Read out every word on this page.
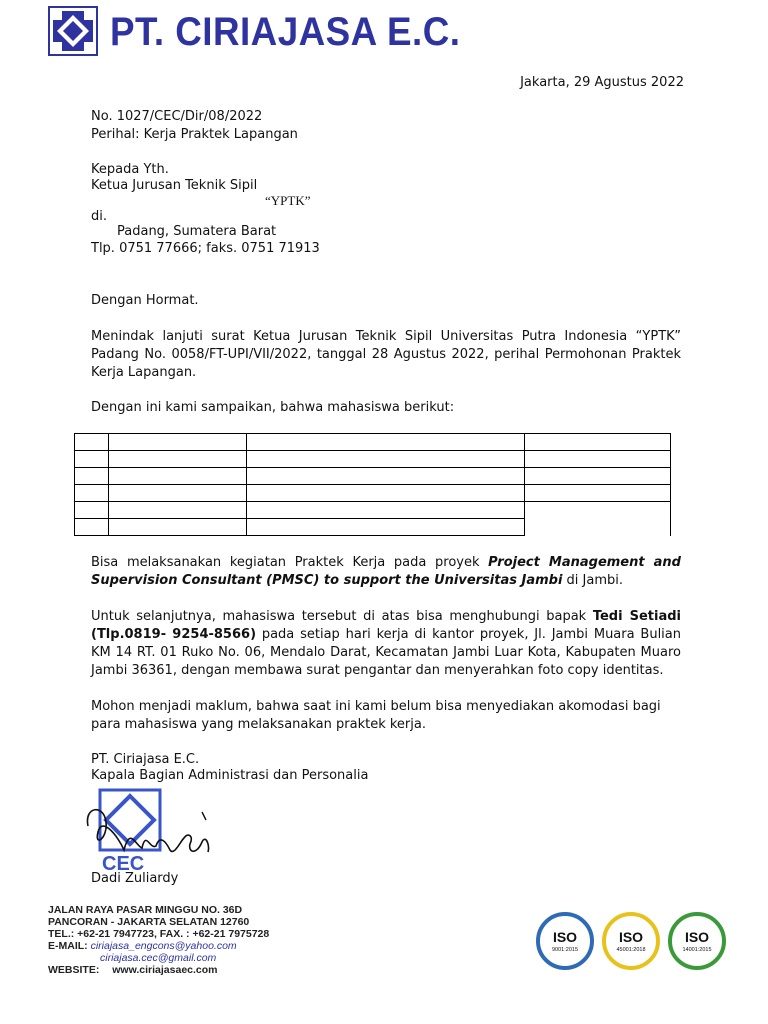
PT. CIRIAJASA E.C.
Jakarta, 29 Agustus 2022
No. 1027/CEC/Dir/08/2022
Perihal: Kerja Praktek Lapangan
Kepada Yth.
Ketua Jurusan Teknik Sipil
“YPTK”
di.
Padang, Sumatera Barat
Tlp. 0751 77666; faks. 0751 71913
Dengan Hormat.
Menindak lanjuti surat Ketua Jurusan Teknik Sipil Universitas Putra Indonesia “YPTK” Padang No. 0058/FT-UPI/VII/2022, tanggal 28 Agustus 2022, perihal Permohonan Praktek Kerja Lapangan.
Dengan ini kami sampaikan, bahwa mahasiswa berikut:

Bisa melaksanakan kegiatan Praktek Kerja pada proyek Project Management and Supervision Consultant (PMSC) to support the Universitas Jambi di Jambi.
Untuk selanjutnya, mahasiswa tersebut di atas bisa menghubungi bapak Tedi Setiadi (Tlp.0819- 9254-8566) pada setiap hari kerja di kantor proyek, Jl. Jambi Muara Bulian KM 14 RT. 01 Ruko No. 06, Mendalo Darat, Kecamatan Jambi Luar Kota, Kabupaten Muaro Jambi 36361, dengan membawa surat pengantar dan menyerahkan foto copy identitas.
Mohon menjadi maklum, bahwa saat ini kami belum bisa menyediakan akomodasi bagi para mahasiswa yang melaksanakan praktek kerja.
PT. Ciriajasa E.C.
Kapala Bagian Administrasi dan Personalia
CEC
Dadi Zuliardy
JALAN RAYA PASAR MINGGU NO. 36D
PANCORAN - JAKARTA SELATAN 12760
TEL.: +62-21 7947723, FAX. : +62-21 7975728
E-MAIL: ciriajasa_engcons@yahoo.com
ciriajasa.cec@gmail.com
WEBSITE: www.ciriajasaec.com
ISO
9001:2015
ISO
45001:2018
ISO
14001:2015
